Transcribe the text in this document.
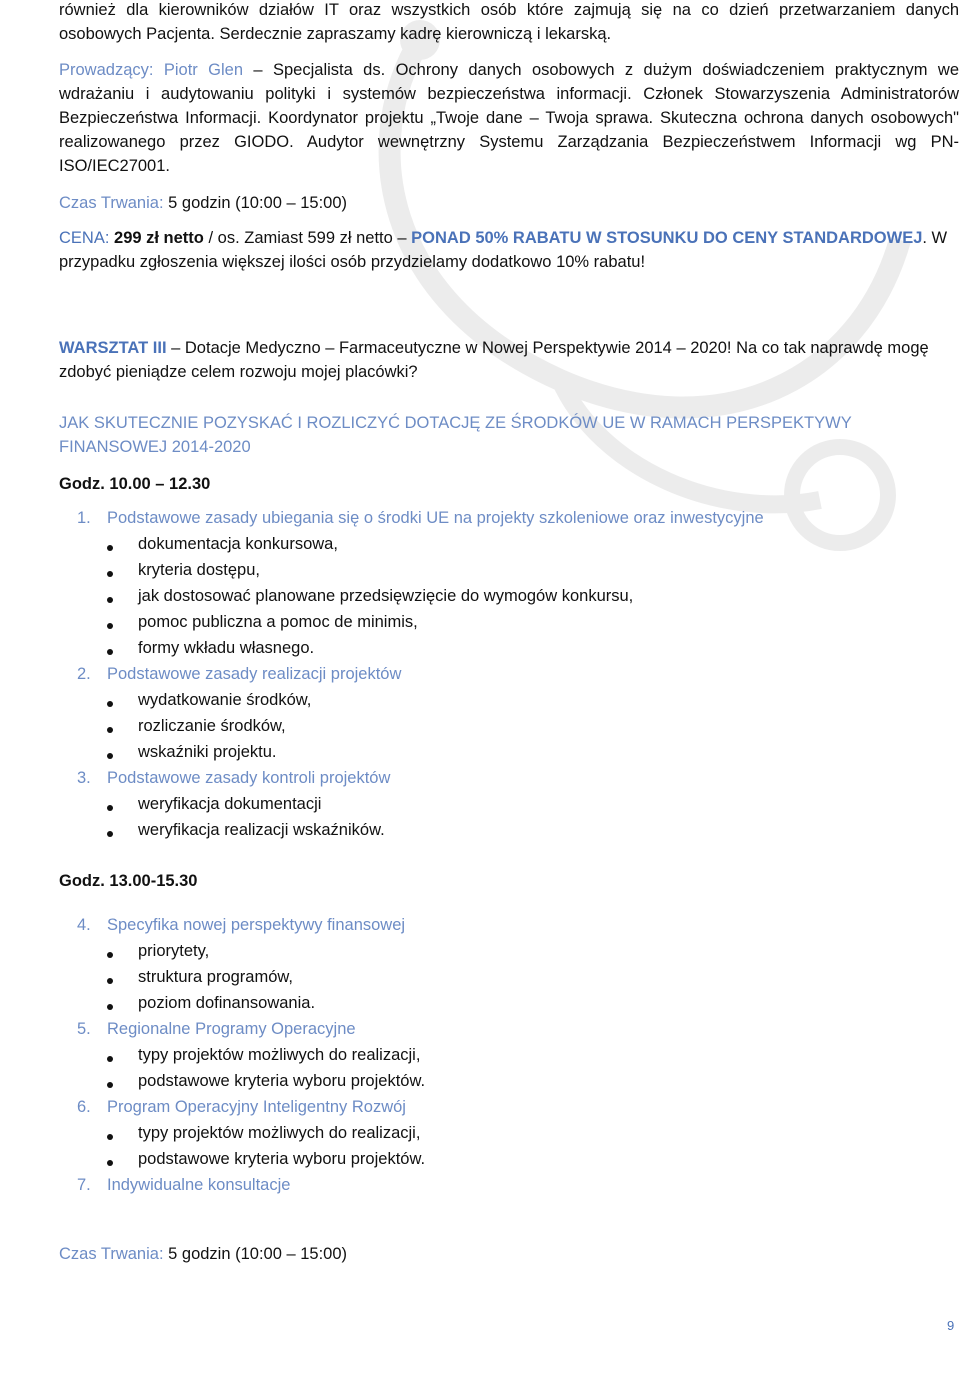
również dla kierowników działów IT oraz wszystkich osób które zajmują się na co dzień przetwarzaniem danych osobowych Pacjenta. Serdecznie zapraszamy kadrę kierowniczą i lekarską.

Prowadzący: Piotr Glen – Specjalista ds. Ochrony danych osobowych z dużym doświadczeniem praktycznym we wdrażaniu i audytowaniu polityki i systemów bezpieczeństwa informacji. Członek Stowarzyszenia Administratorów Bezpieczeństwa Informacji. Koordynator projektu „Twoje dane – Twoja sprawa. Skuteczna ochrona danych osobowych" realizowanego przez GIODO. Audytor wewnętrzny Systemu Zarządzania Bezpieczeństwem Informacji wg PN-ISO/IEC27001.

Czas Trwania: 5 godzin (10:00 – 15:00)

CENA: 299 zł netto / os. Zamiast 599 zł netto – PONAD 50% RABATU W STOSUNKU DO CENY STANDARDOWEJ. W przypadku zgłoszenia większej ilości osób przydzielamy dodatkowo 10% rabatu!

WARSZTAT III – Dotacje Medyczno – Farmaceutyczne w Nowej Perspektywie 2014 – 2020! Na co tak naprawdę mogę zdobyć pieniądze celem rozwoju mojej placówki?

JAK SKUTECZNIE POZYSKAĆ I ROZLICZYĆ DOTACJĘ ZE ŚRODKÓW UE W RAMACH PERSPEKTYWY FINANSOWEJ 2014-2020

Godz. 10.00 – 12.30

1. Podstawowe zasady ubiegania się o środki UE na projekty szkoleniowe oraz inwestycyjne
dokumentacja konkursowa,
kryteria dostępu,
jak dostosować planowane przedsięwzięcie do wymogów konkursu,
pomoc publiczna a pomoc de minimis,
formy wkładu własnego.
2. Podstawowe zasady realizacji projektów
wydatkowanie środków,
rozliczanie środków,
wskaźniki projektu.
3. Podstawowe zasady kontroli projektów
weryfikacja dokumentacji
weryfikacja realizacji wskaźników.

Godz. 13.00-15.30

4. Specyfika nowej perspektywy finansowej
priorytety,
struktura programów,
poziom dofinansowania.
5. Regionalne Programy Operacyjne
typy projektów możliwych do realizacji,
podstawowe kryteria wyboru projektów.
6. Program Operacyjny Inteligentny Rozwój
typy projektów możliwych do realizacji,
podstawowe kryteria wyboru projektów.
7. Indywidualne konsultacje

Czas Trwania: 5 godzin (10:00 – 15:00)

9
